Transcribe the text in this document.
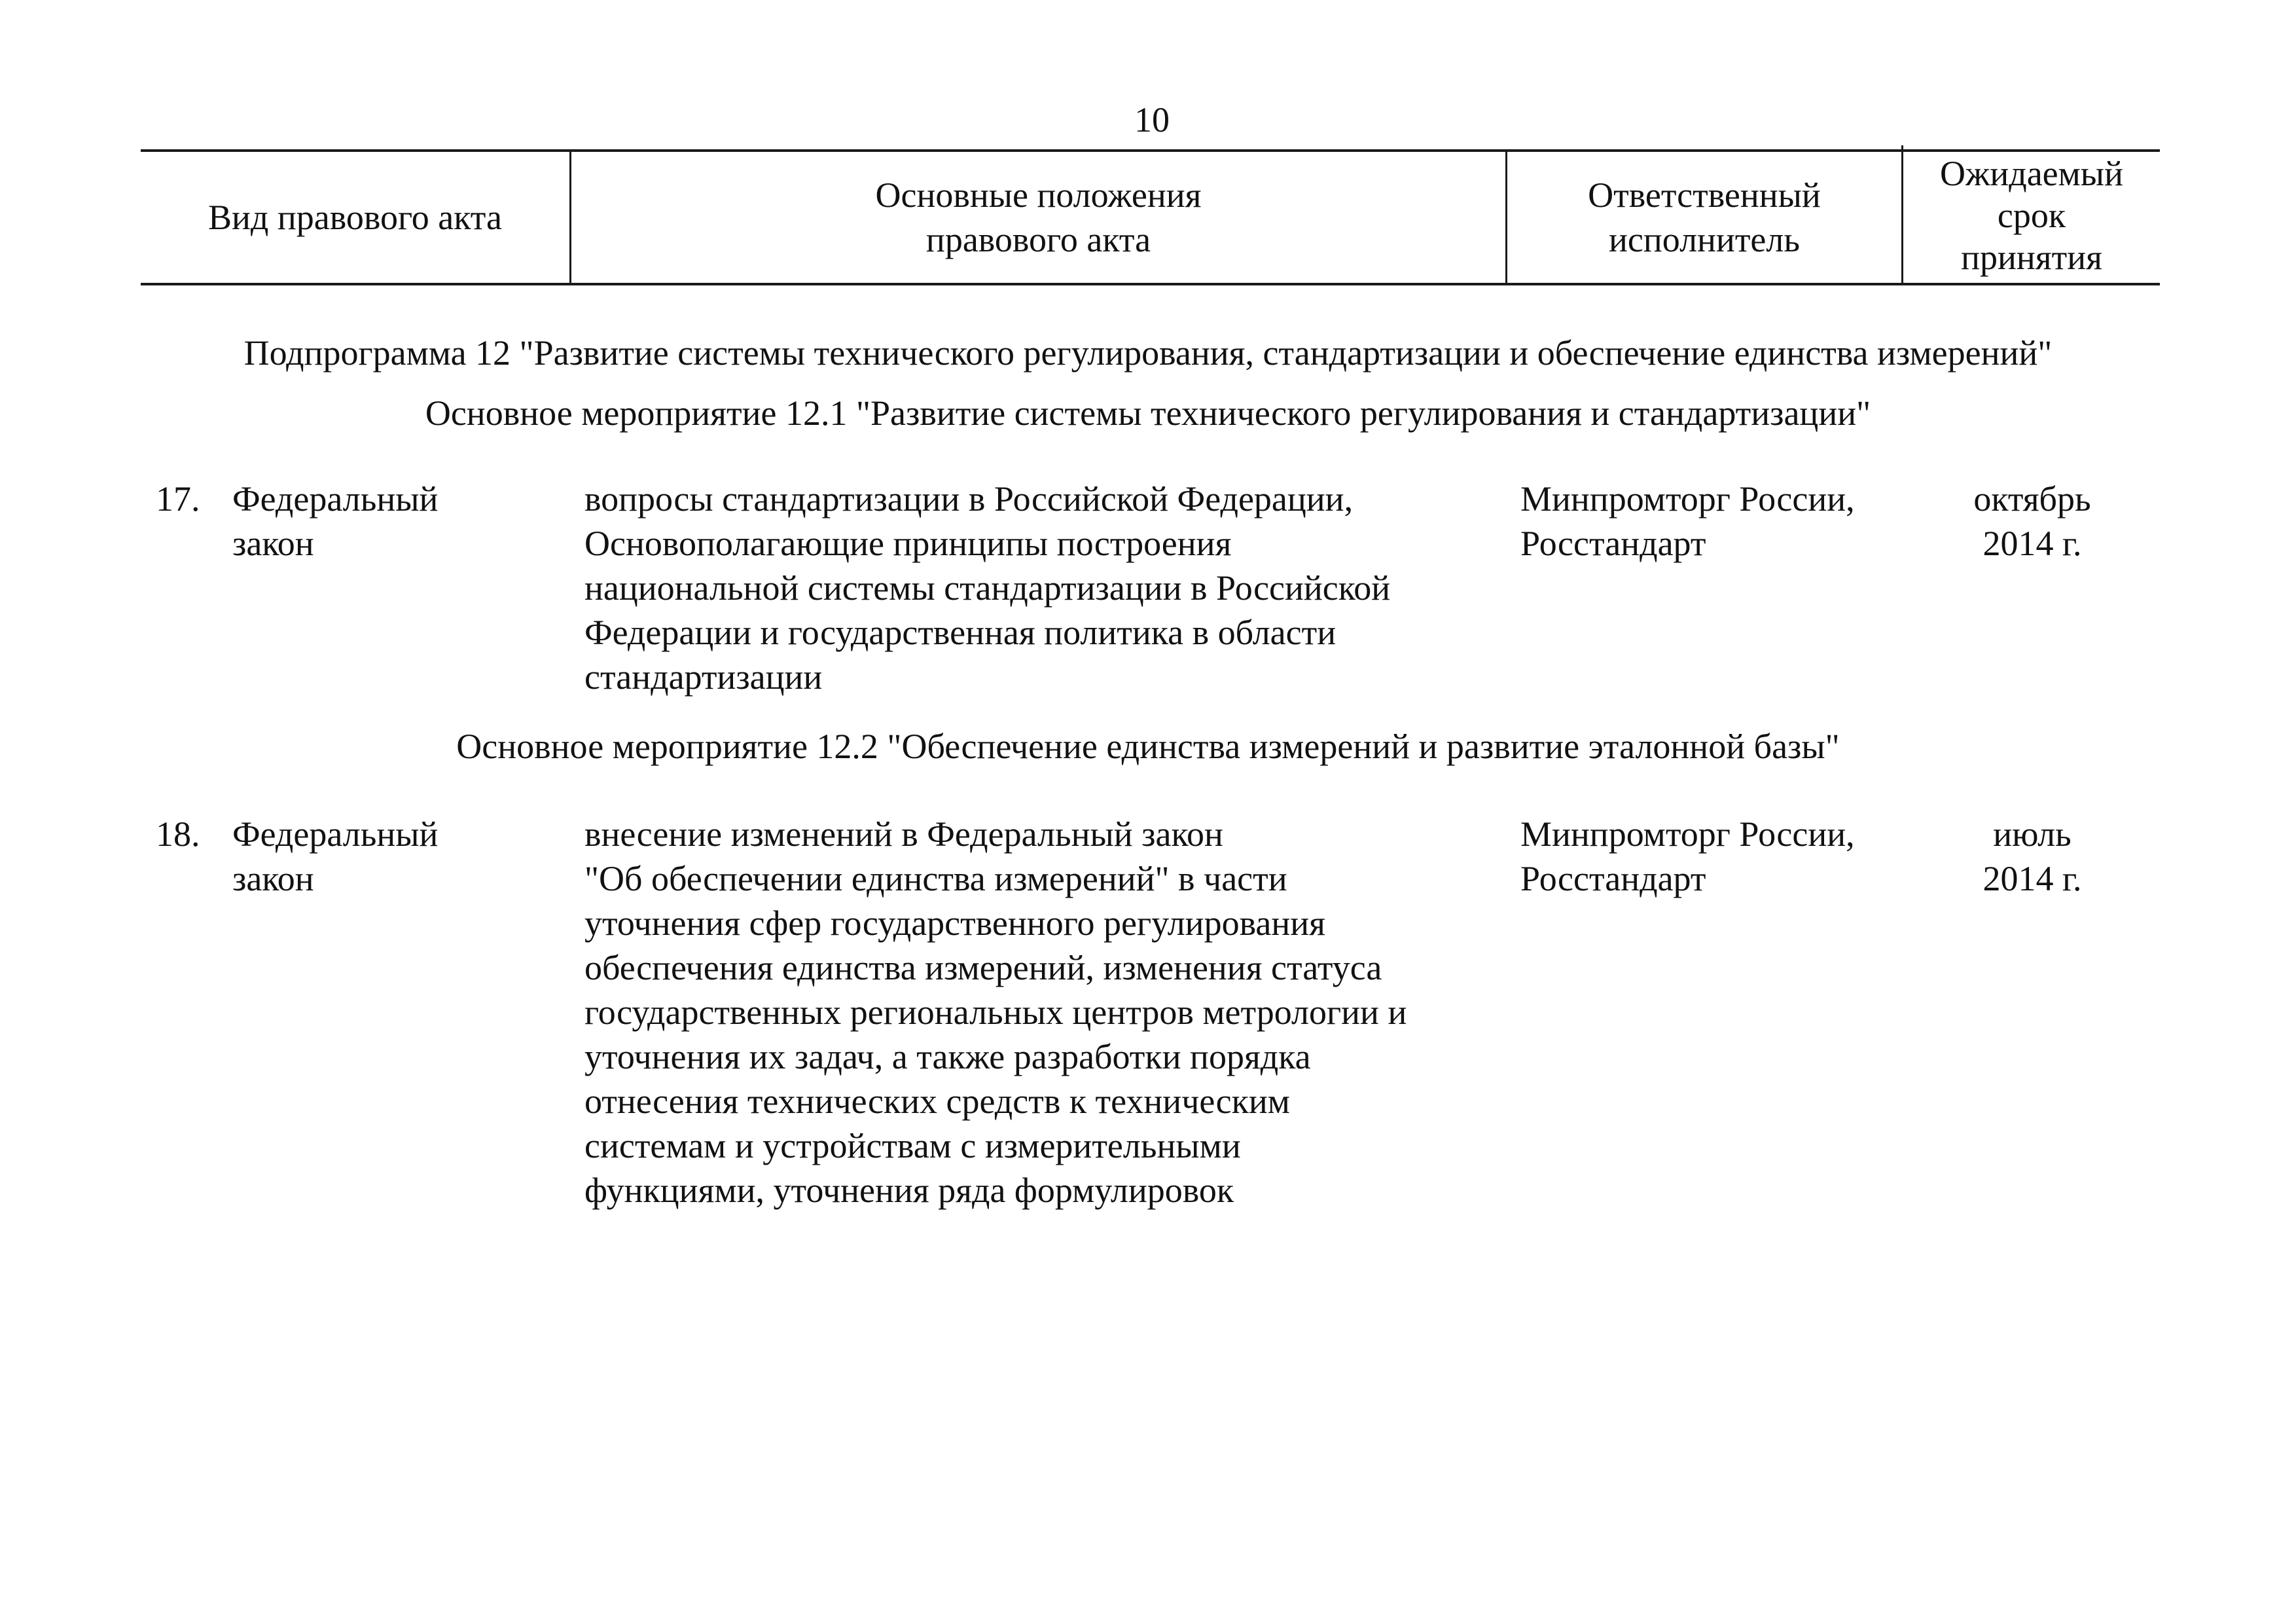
10
Вид правового акта
Основные положения
правового акта
Ответственный
исполнитель
Ожидаемый
срок
принятия
Подпрограмма 12 "Развитие системы технического регулирования, стандартизации и обеспечение единства измерений"
Основное мероприятие 12.1 "Развитие системы технического регулирования и стандартизации"
17. Федеральный
закон
вопросы стандартизации в Российской Федерации,
Основополагающие принципы построения
национальной системы стандартизации в Российской
Федерации и государственная политика в области
стандартизации
Минпромторг России,
Росстандарт
октябрь
2014 г.
Основное мероприятие 12.2 "Обеспечение единства измерений и развитие эталонной базы"
18. Федеральный
закон
внесение изменений в Федеральный закон
"Об обеспечении единства измерений" в части
уточнения сфер государственного регулирования
обеспечения единства измерений, изменения статуса
государственных региональных центров метрологии и
уточнения их задач, а также разработки порядка
отнесения технических средств к техническим
системам и устройствам с измерительными
функциями, уточнения ряда формулировок
Минпромторг России,
Росстандарт
июль
2014 г.
